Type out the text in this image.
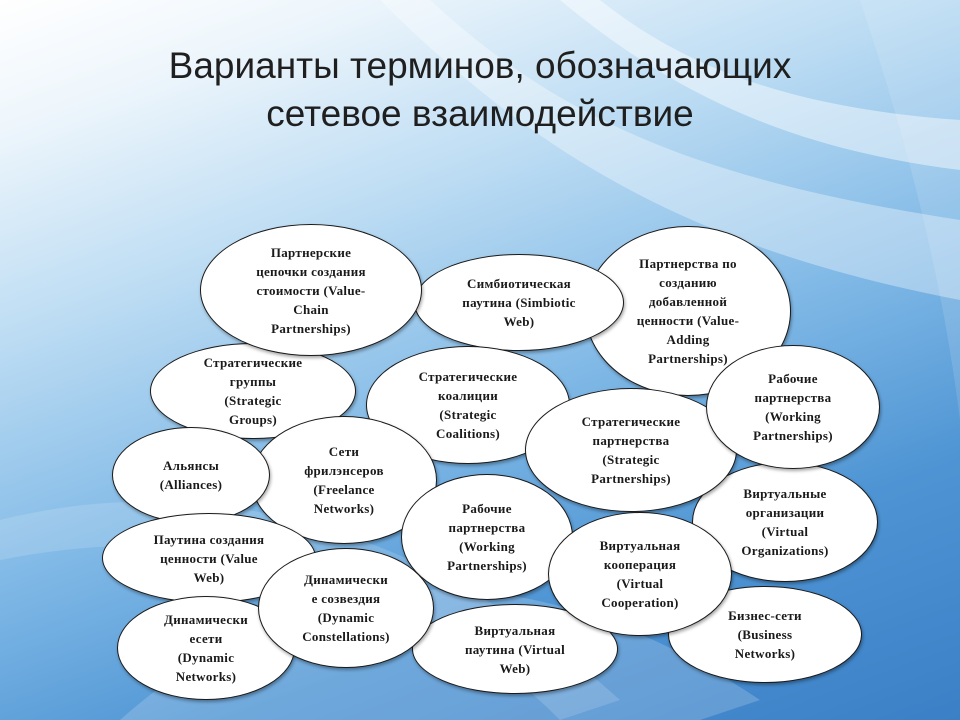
Варианты терминов, обозначающих
сетевое взаимодействие
Партнерства по
созданию
добавленной
ценности (Value-
Adding
Partnerships)
Симбиотическая
паутина (Simbiotic
Web)
Стратегические
группы
(Strategic
Groups)
Партнерские
цепочки создания
стоимости (Value-
Chain
Partnerships)
Стратегические
коалиции
(Strategic
Coalitions)
Виртуальные
организации
(Virtual
Organizations)
Стратегические
партнерства
(Strategic
Partnerships)
Рабочие
партнерства
(Working
Partnerships)
Сети
фрилэнсеров
(Freelance
Networks)
Альянсы
(Alliances)
Бизнес-сети
(Business
Networks)
Рабочие
партнерства
(Working
Partnerships)
Паутина создания
ценности (Value
Web)
Динамически
есети
(Dynamic
Networks)
Виртуальная
паутина (Virtual
Web)
Динамически
е созвездия
(Dynamic
Constellations)
Виртуальная
кооперация
(Virtual
Cooperation)
